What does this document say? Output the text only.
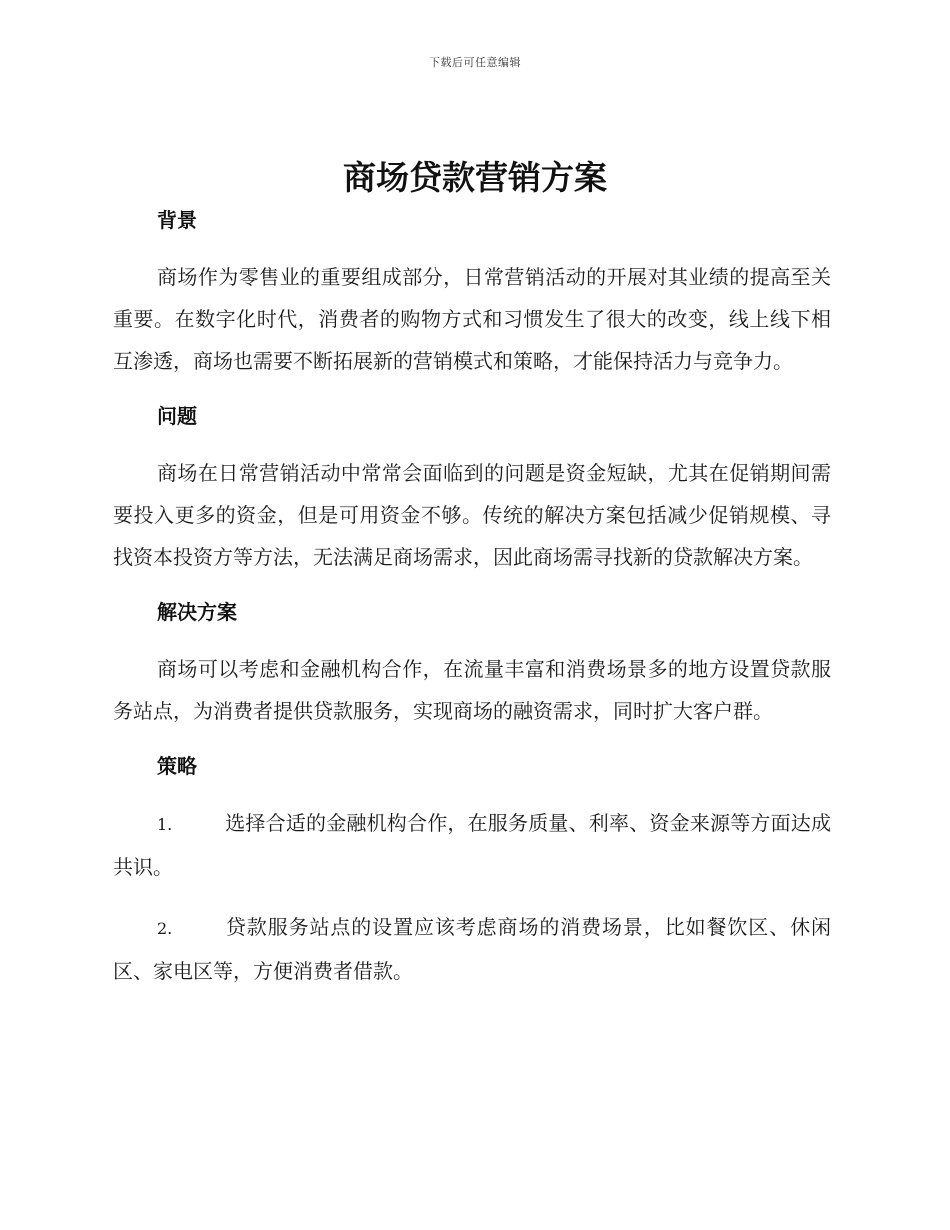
下载后可任意编辑
商场贷款营销方案
背景

商场作为零售业的重要组成部分，日常营销活动的开展对其业绩的提高至关重要。在数字化时代，消费者的购物方式和习惯发生了很大的改变，线上线下相互渗透，商场也需要不断拓展新的营销模式和策略，才能保持活力与竞争力。

问题

商场在日常营销活动中常常会面临到的问题是资金短缺，尤其在促销期间需要投入更多的资金，但是可用资金不够。传统的解决方案包括减少促销规模、寻找资本投资方等方法，无法满足商场需求，因此商场需寻找新的贷款解决方案。

解决方案

商场可以考虑和金融机构合作，在流量丰富和消费场景多的地方设置贷款服务站点，为消费者提供贷款服务，实现商场的融资需求，同时扩大客户群。

策略

1.	选择合适的金融机构合作，在服务质量、利率、资金来源等方面达成共识。

2.	贷款服务站点的设置应该考虑商场的消费场景，比如餐饮区、休闲区、家电区等，方便消费者借款。
